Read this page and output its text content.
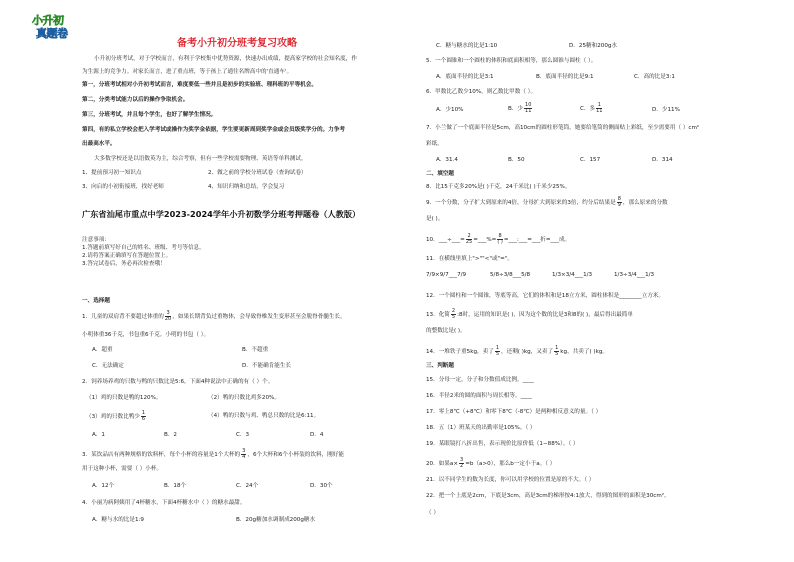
小升初
真题卷
备考小升初分班考复习攻略
小升初分班考试，对于学校而言，有利于学校集中优势资源，快速办出成绩，提高家学校的社会知名度，作
为生源上的竞争力。对家长而言，进了重点班，等于孩上了通往名牌高中的'直通车'。
第一，分班考试相对小升初考试而言，难度要低一些并且是初步的实验班、理科班的平等机会。
第二，分类考试能力以后的操作争取机会。
第三，分班考试，并且每个学生，也好了解学生情况。
第四，有的私立学校会把入学考试或操作为奖学金依据，学生要更新周到奖学金或会员级奖学分的。力争考
出最高水平。
大多数学校还是以语数英为主，综合考察，但有一些学校需要物理、英语等单科测试。
1、提前预习初一知识点	2、做之前的学校分班试卷（查询试卷）
3、向启的小初衔接班，找好老师	4、知识归纳和总结，学会复习
广东省汕尾市重点中学2023-2024学年小升初数学分班考押题卷（人教版）
注意事项：
1.答题前填写好自己的姓名、班级、考号等信息。
2.请将答案正确填写在答题位置上。
3.答完试卷后，务必再次检查哦！
一、选择题
1．儿童的双肩背不要超过体重的 $\frac{3}{20}$ ，如果长期背负过重物体，会导致脊椎发生变形甚至会脱脊骨髓生长。
小明体重36千克，书包重6千克。小明的书包（ ）。
A．超重	B．不超重
C．无法确定	D．不能确肯能生长
2．饲养场养鸡的只数与鸭的只数比是5:6，下面4种说法中正确的有（ ）个。
（1）鸡的只数是鸭的120%。	（2）鸭的只数比鸡多20%。
（3）鸡的只数比鸭少 $\frac{1}{6}$	（4）鸭的只数与鸡、鸭总只数的比是6:11。
A．1	B．2	C．3	D．4
3．某饮品店有两种规格的饮料杯，每个小杯的容量是1个大杯的 $\frac{3}{4}$ ，6个大杯和6个小杯装的饮料，刚好能
用于这种小杯，需要（ ）小杯。
A．12个	B．18个	C．24个	D．30个
4．小丽为病阿姨用了4杯糖水，下面4杯糖水中（ ）的糖水最甜。
A．糖与水的比是1:9	B．20g糖加水调制成200g糖水
C．糖与糖水的比是1:10	D．25糖和200g水
5．一个圆锥和一个圆柱的体积和底面积相等，那么圆锥与圆柱（ ）。
A．底面半径的比是3:1	B．底面半径的比是9:1	C．高的比是3:1
6．甲数比乙数少10%，则乙数比甲数（ ）。
A．少10%	B．少 $\frac{10}{11}$	C．多 $\frac{1}{11}$	D．少11%
7．小兰做了一个底面半径是5cm，高10cm的圆柱形笔筒，她要给笔筒的侧面贴上彩纸，至少需要用（ ）cm²
彩纸。
A．31.4	B．50	C．157	D．314
二、填空题
8．比15千克多20%是( )千克，24千米比( )千米少25%。
9．一个分数，分子扩大到原来的4倍，分母扩大到原来的3倍，约分后结果是 $\frac{8}{9}$ ，那么原来的分数
是( )。
10．___÷___= $\frac{2}{25}$ =___%= $\frac{8}{( )}$ =___:___=___折=___成。
11．在横线里填上">""<"或"="。
7/9×9/7___7/9	5/8÷3/8___5/8	1/3×3/4___1/3	1/3÷3/4___1/3
12．一个圆柱和一个圆锥，等底等高，它们的体积和是18立方米，圆柱体积是________立方米。
13．化简 $\frac{2}{5}$ :8时，运用的知识是( )，因为这个数的比是3和8的( )，最后得出最简单
的整数比是( )。
14．一堆铁子重5kg，卖了 $\frac{1}{5}$ ，还剩( )kg，又卖了 $\frac{1}{5}$ kg，共卖了( )kg。
三、判断题
15．分母一定，分子和分数值成比例。____
16．半径2米的圆的面积与周长相等。____
17．零上8℃（+8℃）和零下8℃（-8℃）是两种相反意义的量。（ ）
18．五（1）班某天的出勤率是105%。（ ）
19．某眼镜打八折出售，表示现价比原价低（1−88%）。（ ）
20．如果$a\times \frac{3}{2} =b(a>0)$，那么b一定小于a。（ ）
21．以不同学生的数为长度，你可以用学校的位置是原的不大。（ ）
22．把一个上底是2cm，下底是3cm，高是3cm的梯形按4:1放大，得到的图形的面积是30cm²。
（ ）
